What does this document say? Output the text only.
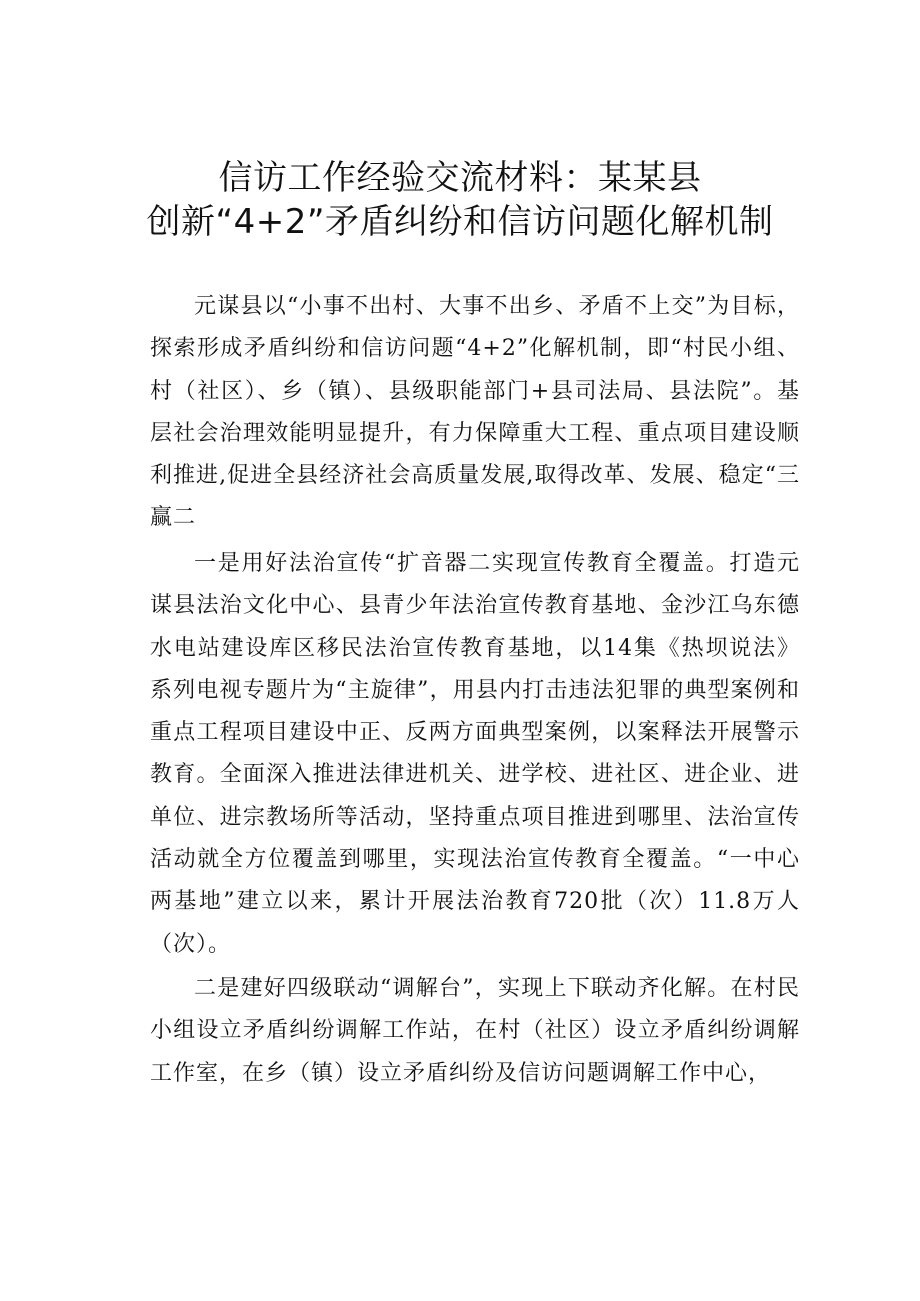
信访工作经验交流材料：某某县
创新“4+2”矛盾纠纷和信访问题化解机制

元谋县以“小事不出村、大事不出乡、矛盾不上交”为目标，探索形成矛盾纠纷和信访问题“4+2”化解机制，即“村民小组、村（社区）、乡（镇）、县级职能部门+县司法局、县法院”。基层社会治理效能明显提升，有力保障重大工程、重点项目建设顺利推进,促进全县经济社会高质量发展,取得改革、发展、稳定“三赢二

一是用好法治宣传“扩音器二实现宣传教育全覆盖。打造元谋县法治文化中心、县青少年法治宣传教育基地、金沙江乌东德水电站建设库区移民法治宣传教育基地，以14集《热坝说法》系列电视专题片为“主旋律”，用县内打击违法犯罪的典型案例和重点工程项目建设中正、反两方面典型案例，以案释法开展警示教育。全面深入推进法律进机关、进学校、进社区、进企业、进单位、进宗教场所等活动，坚持重点项目推进到哪里、法治宣传活动就全方位覆盖到哪里，实现法治宣传教育全覆盖。“一中心两基地”建立以来，累计开展法治教育720批（次）11.8万人（次）。

二是建好四级联动“调解台”，实现上下联动齐化解。在村民小组设立矛盾纠纷调解工作站，在村（社区）设立矛盾纠纷调解工作室，在乡（镇）设立矛盾纠纷及信访问题调解工作中心，
